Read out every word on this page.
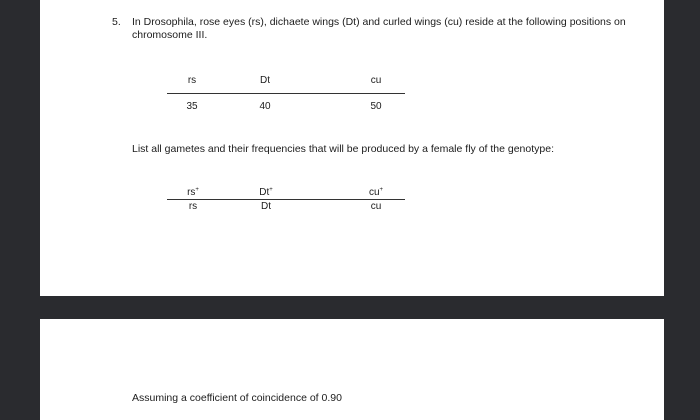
5. In Drosophila, rose eyes (rs), dichaete wings (Dt) and curled wings (cu) reside at the following positions on chromosome III.

rs	Dt	cu
35	40	50

List all gametes and their frequencies that will be produced by a female fly of the genotype:

rs+	Dt+	cu+
rs	Dt	cu

Assuming a coefficient of coincidence of 0.90
